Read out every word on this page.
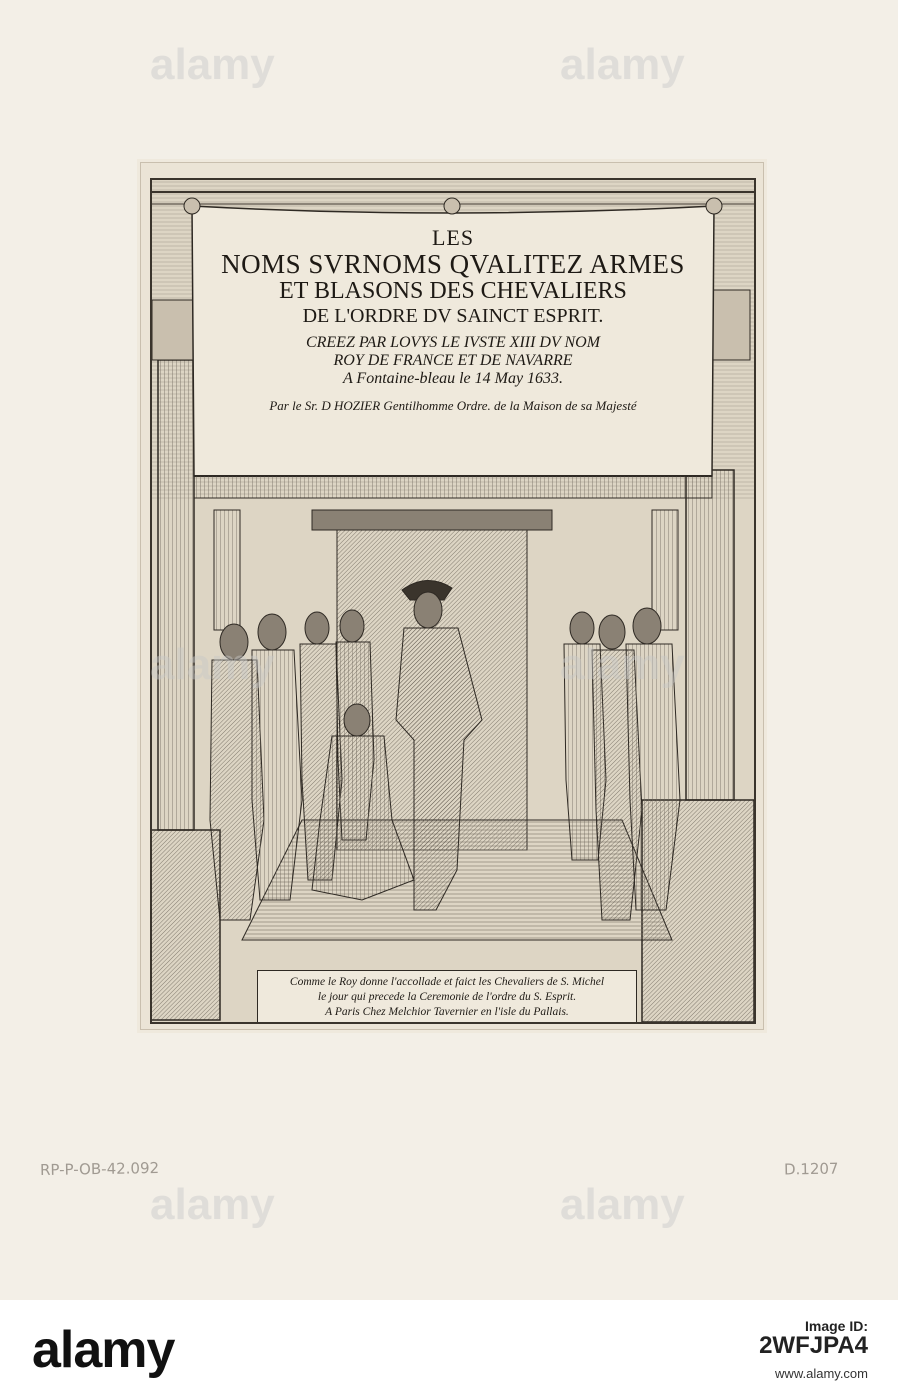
LES
NOMS SVRNOMS QVALITEZ ARMES
ET BLASONS DES CHEVALIERS
DE L'ORDRE DV SAINCT ESPRIT.
CREEZ PAR LOVYS LE IVSTE XIII DV NOM
ROY DE FRANCE ET DE NAVARRE
A Fontaine-bleau le 14 May 1633.
Par le Sr. D HOZIER Gentilhomme Ordre. de la Maison de sa Majesté
Comme le Roy donne l'accollade et faict les Chevaliers de S. Michel
le jour qui precede la Ceremonie de l'ordre du S. Esprit.
A Paris Chez Melchior Tavernier en l'isle du Pallais.
RP-P-OB-42.092	D.1207
alamy	alamy
alamy	alamy
alamy	alamy
alamy	Image ID:
2WFJPA4
www.alamy.com
